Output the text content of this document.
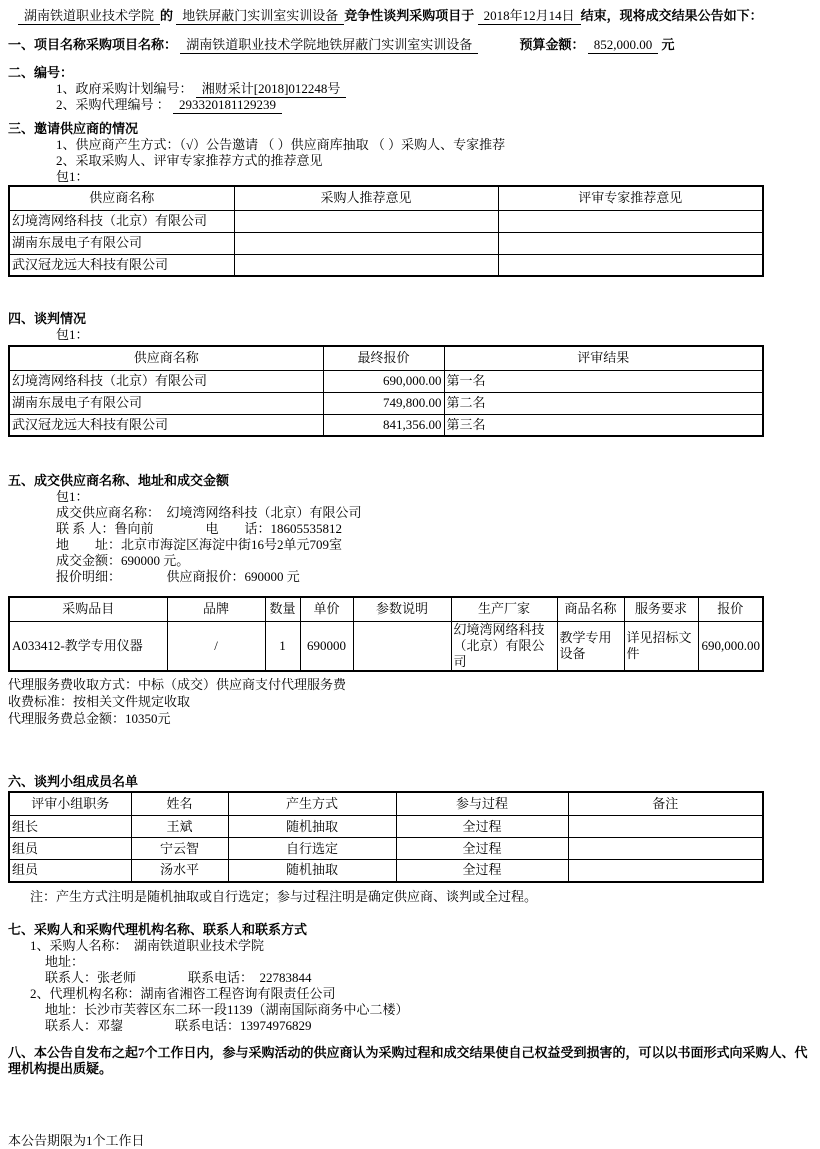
湖南铁道职业技术学院 的 地铁屏蔽门实训室实训设备 竞争性谈判采购项目于 2018年12月14日 结束，现将成交结果公告如下：
一、项目名称采购项目名称： 湖南铁道职业技术学院地铁屏蔽门实训室实训设备	预算金额： 852,000.00 元
二、编号：
1、政府采购计划编号： 湘财采计[2018]012248号
2、采购代理编号 ： 293320181129239
三、邀请供应商的情况
1、供应商产生方式：（√）公告邀请 （ ）供应商库抽取 （ ）采购人、专家推荐
2、采取采购人、评审专家推荐方式的推荐意见
包1：
供应商名称	采购人推荐意见	评审专家推荐意见
幻境湾网络科技（北京）有限公司		
湖南东晟电子有限公司		
武汉冠龙远大科技有限公司		
四、谈判情况
包1：
供应商名称	最终报价	评审结果
幻境湾网络科技（北京）有限公司	690,000.00	第一名
湖南东晟电子有限公司	749,800.00	第二名
武汉冠龙远大科技有限公司	841,356.00	第三名
五、成交供应商名称、地址和成交金额
包1：
成交供应商名称：　幻境湾网络科技（北京）有限公司
联 系 人：鲁向前　　　　电　　话：18605535812
地　　址：北京市海淀区海淀中街16号2单元709室
成交金额：690000 元。
报价明细：　　　　供应商报价：690000 元
采购品目	品牌	数量	单价	参数说明	生产厂家	商品名称	服务要求	报价
A033412-教学专用仪器	/	1	690000		幻境湾网络科技（北京）有限公司	教学专用设备	详见招标文件	690,000.00
代理服务费收取方式：中标（成交）供应商支付代理服务费
收费标准：按相关文件规定收取
代理服务费总金额：10350元
六、谈判小组成员名单
评审小组职务	姓名	产生方式	参与过程	备注
组长	王斌	随机抽取	全过程	
组员	宁云智	自行选定	全过程	
组员	汤水平	随机抽取	全过程	
注：产生方式注明是随机抽取或自行选定；参与过程注明是确定供应商、谈判或全过程。
七、采购人和采购代理机构名称、联系人和联系方式
1、采购人名称：　湖南铁道职业技术学院
地址：
联系人：张老师　　　　联系电话：　22783844
2、代理机构名称：湖南省湘咨工程咨询有限责任公司
地址：长沙市芙蓉区东二环一段1139（湖南国际商务中心二楼）
联系人：邓鋆　　　　联系电话：13974976829
八、本公告自发布之起7个工作日内，参与采购活动的供应商认为采购过程和成交结果使自己权益受到损害的，可以以书面形式向采购人、代理机构提出质疑。
本公告期限为1个工作日
